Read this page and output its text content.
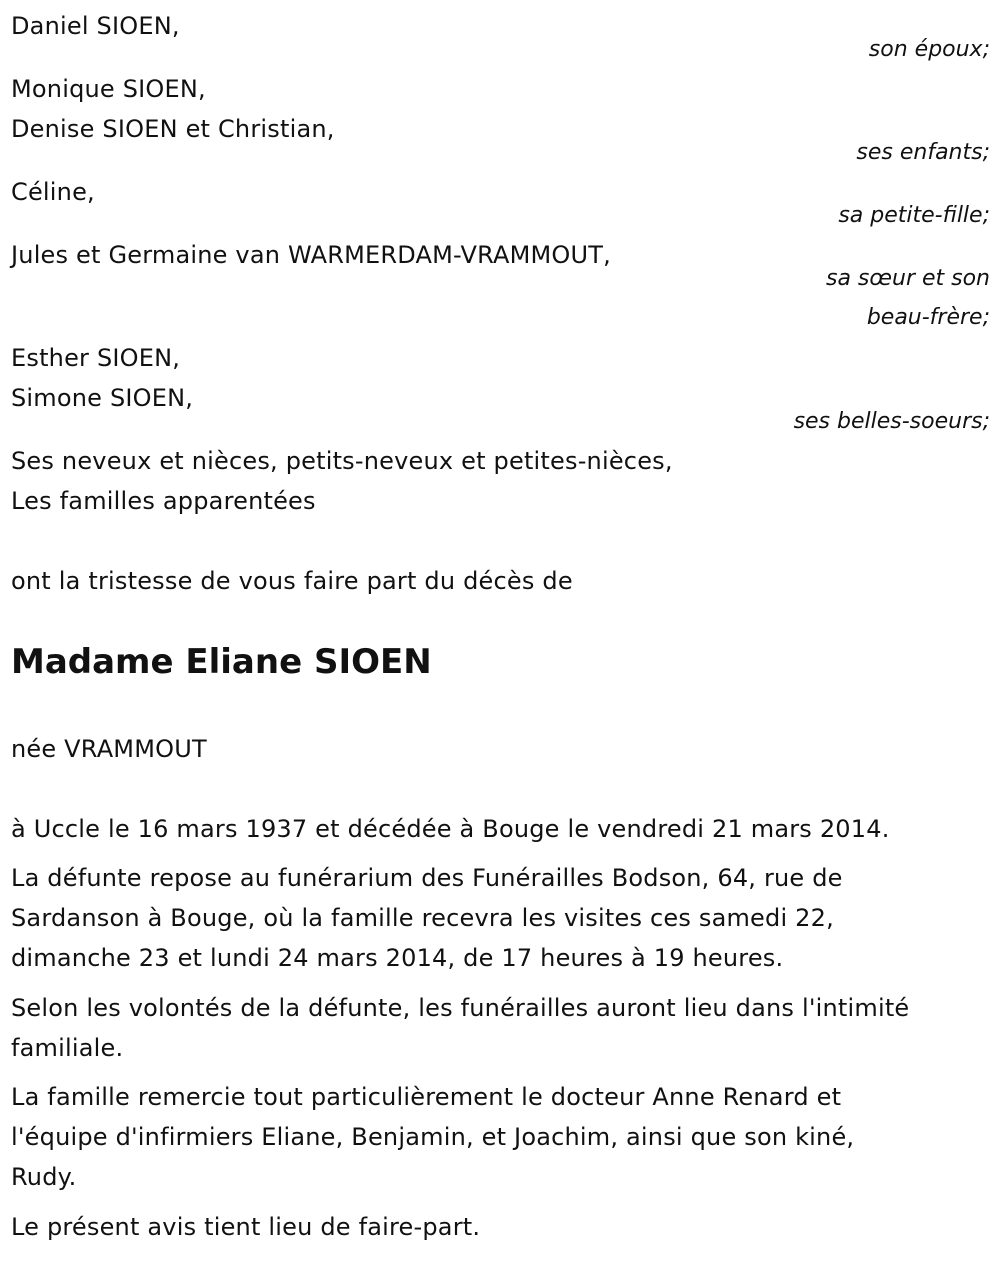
Daniel SIOEN,
son époux;
Monique SIOEN,
Denise SIOEN et Christian,
ses enfants;
Céline,
sa petite-fille;
Jules et Germaine van WARMERDAM-VRAMMOUT,
sa sœur et son
beau-frère;
Esther SIOEN,
Simone SIOEN,
ses belles-soeurs;
Ses neveux et nièces, petits-neveux et petites-nièces,
Les familles apparentées
ont la tristesse de vous faire part du décès de
Madame Eliane SIOEN
née VRAMMOUT
à Uccle le 16 mars 1937 et décédée à Bouge le vendredi 21 mars 2014.
La défunte repose au funérarium des Funérailles Bodson, 64, rue de
Sardanson à Bouge, où la famille recevra les visites ces samedi 22,
dimanche 23 et lundi 24 mars 2014, de 17 heures à 19 heures.
Selon les volontés de la défunte, les funérailles auront lieu dans l'intimité
familiale.
La famille remercie tout particulièrement le docteur Anne Renard et
l'équipe d'infirmiers Eliane, Benjamin, et Joachim, ainsi que son kiné,
Rudy.
Le présent avis tient lieu de faire-part.
